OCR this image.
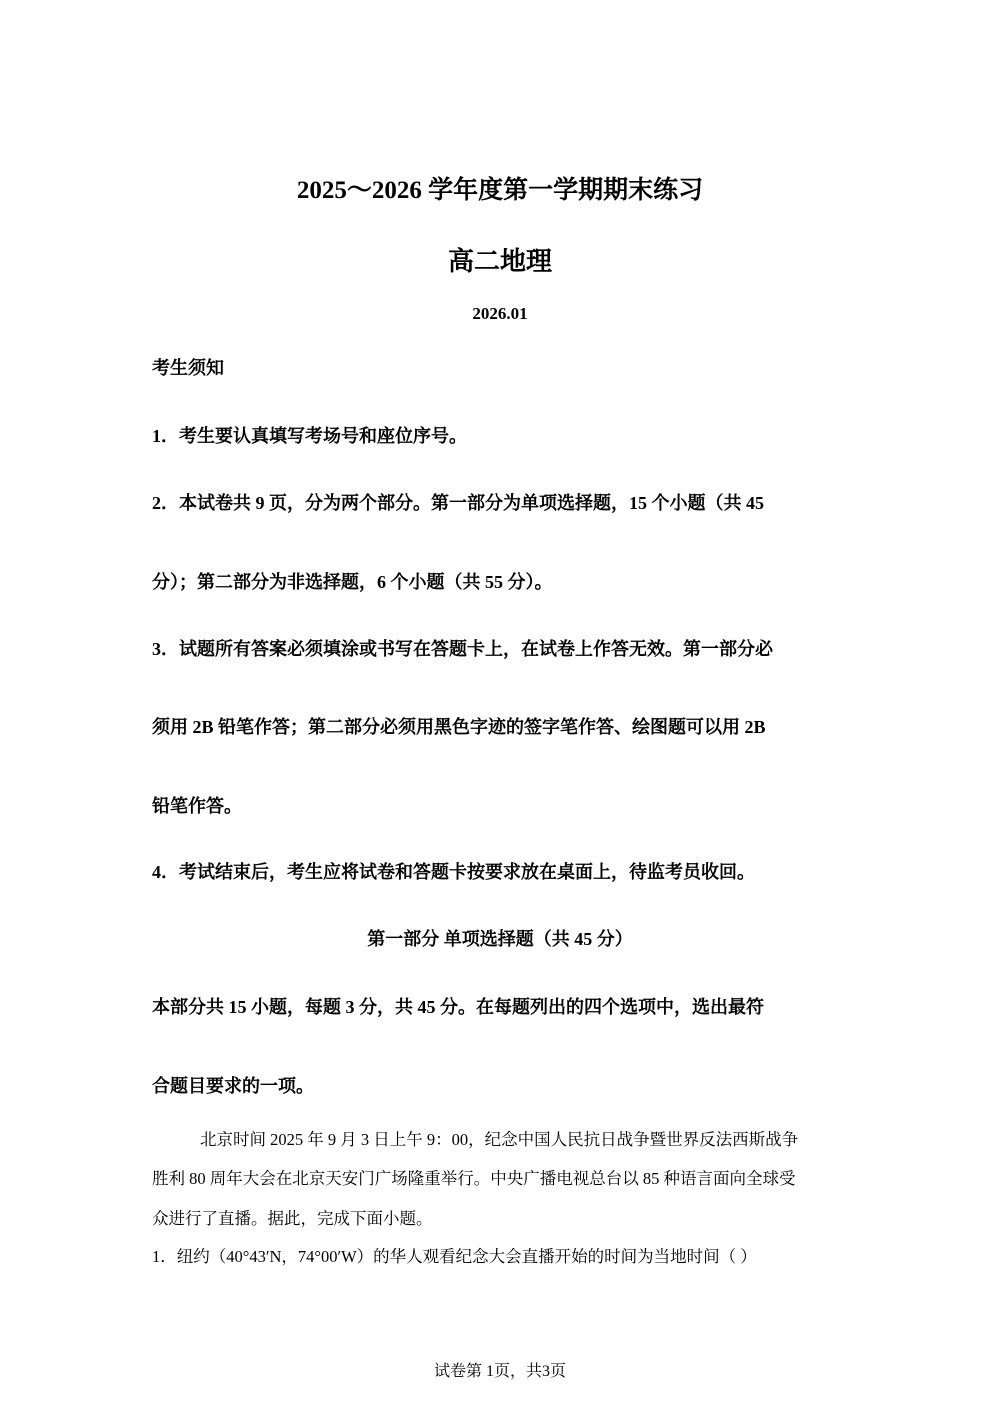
2025～2026 学年度第一学期期末练习
高二地理
2026.01
考生须知
1．考生要认真填写考场号和座位序号。
2．本试卷共 9 页，分为两个部分。第一部分为单项选择题，15 个小题（共 45
分）；第二部分为非选择题，6 个小题（共 55 分）。
3．试题所有答案必须填涂或书写在答题卡上，在试卷上作答无效。第一部分必
须用 2B 铅笔作答；第二部分必须用黑色字迹的签字笔作答、绘图题可以用 2B
铅笔作答。
4．考试结束后，考生应将试卷和答题卡按要求放在桌面上，待监考员收回。
第一部分 单项选择题（共 45 分）
本部分共 15 小题，每题 3 分，共 45 分。在每题列出的四个选项中，选出最符
合题目要求的一项。
北京时间 2025 年 9 月 3 日上午 9：00，纪念中国人民抗日战争暨世界反法西斯战争
胜利 80 周年大会在北京天安门广场隆重举行。中央广播电视总台以 85 种语言面向全球受
众进行了直播。据此，完成下面小题。
1．纽约（40°43′N，74°00′W）的华人观看纪念大会直播开始的时间为当地时间（ ）
试卷第 1页，共3页
